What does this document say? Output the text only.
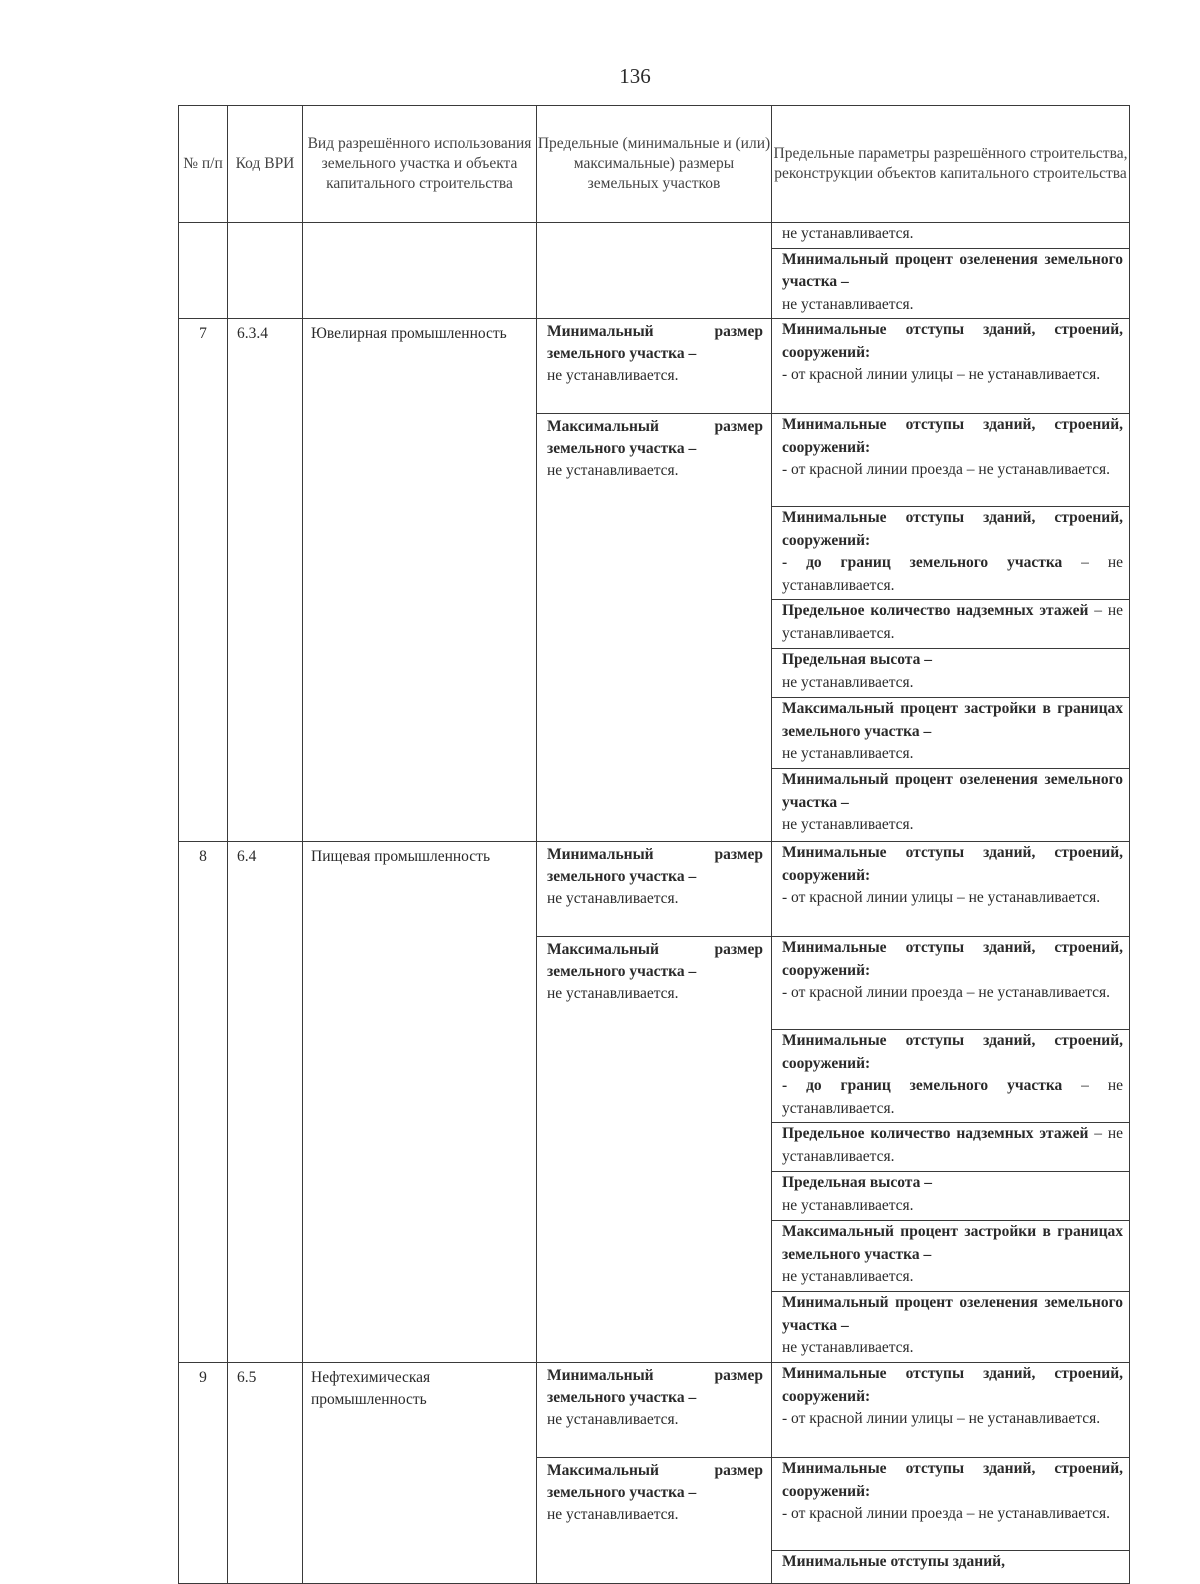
136
№ п/п	Код ВРИ	Вид разрешённого использования земельного участка и объекта капитального строительства	Предельные (минимальные и (или) максимальные) размеры земельных участков	Предельные параметры разрешённого строительства, реконструкции объектов капитального строительства
				не устанавливается.
				Минимальный процент озеленения земельного участка –
не устанавливается.
7	6.3.4	Ювелирная промышленность	Минимальный размер земельного участка –
не устанавливается.	Минимальные отступы зданий, строений, сооружений:
- от красной линии улицы – не устанавливается.

			Максимальный размер земельного участка –
не устанавливается.	Минимальные отступы зданий, строений, сооружений:
- от красной линии проезда – не устанавливается.
				Минимальные отступы зданий, строений, сооружений:
- до границ земельного участка – не устанавливается.
				Предельное количество надземных этажей – не устанавливается.
				Предельная высота –
не устанавливается.
				Максимальный процент застройки в границах земельного участка –
не устанавливается.
				Минимальный процент озеленения земельного участка –
не устанавливается.
8	6.4	Пищевая промышленность	Минимальный размер земельного участка –
не устанавливается.	Минимальные отступы зданий, строений, сооружений:
- от красной линии улицы – не устанавливается.

			Максимальный размер земельного участка –
не устанавливается.	Минимальные отступы зданий, строений, сооружений:
- от красной линии проезда – не устанавливается.
				Минимальные отступы зданий, строений, сооружений:
- до границ земельного участка – не устанавливается.
				Предельное количество надземных этажей – не устанавливается.
				Предельная высота –
не устанавливается.
				Максимальный процент застройки в границах земельного участка –
не устанавливается.
				Минимальный процент озеленения земельного участка –
не устанавливается.
9	6.5	Нефтехимическая промышленность	Минимальный размер земельного участка –
не устанавливается.	Минимальные отступы зданий, строений, сооружений:
- от красной линии улицы – не устанавливается.

			Максимальный размер земельного участка –
не устанавливается.	Минимальные отступы зданий, строений, сооружений:
- от красной линии проезда – не устанавливается.
				Минимальные отступы зданий,
